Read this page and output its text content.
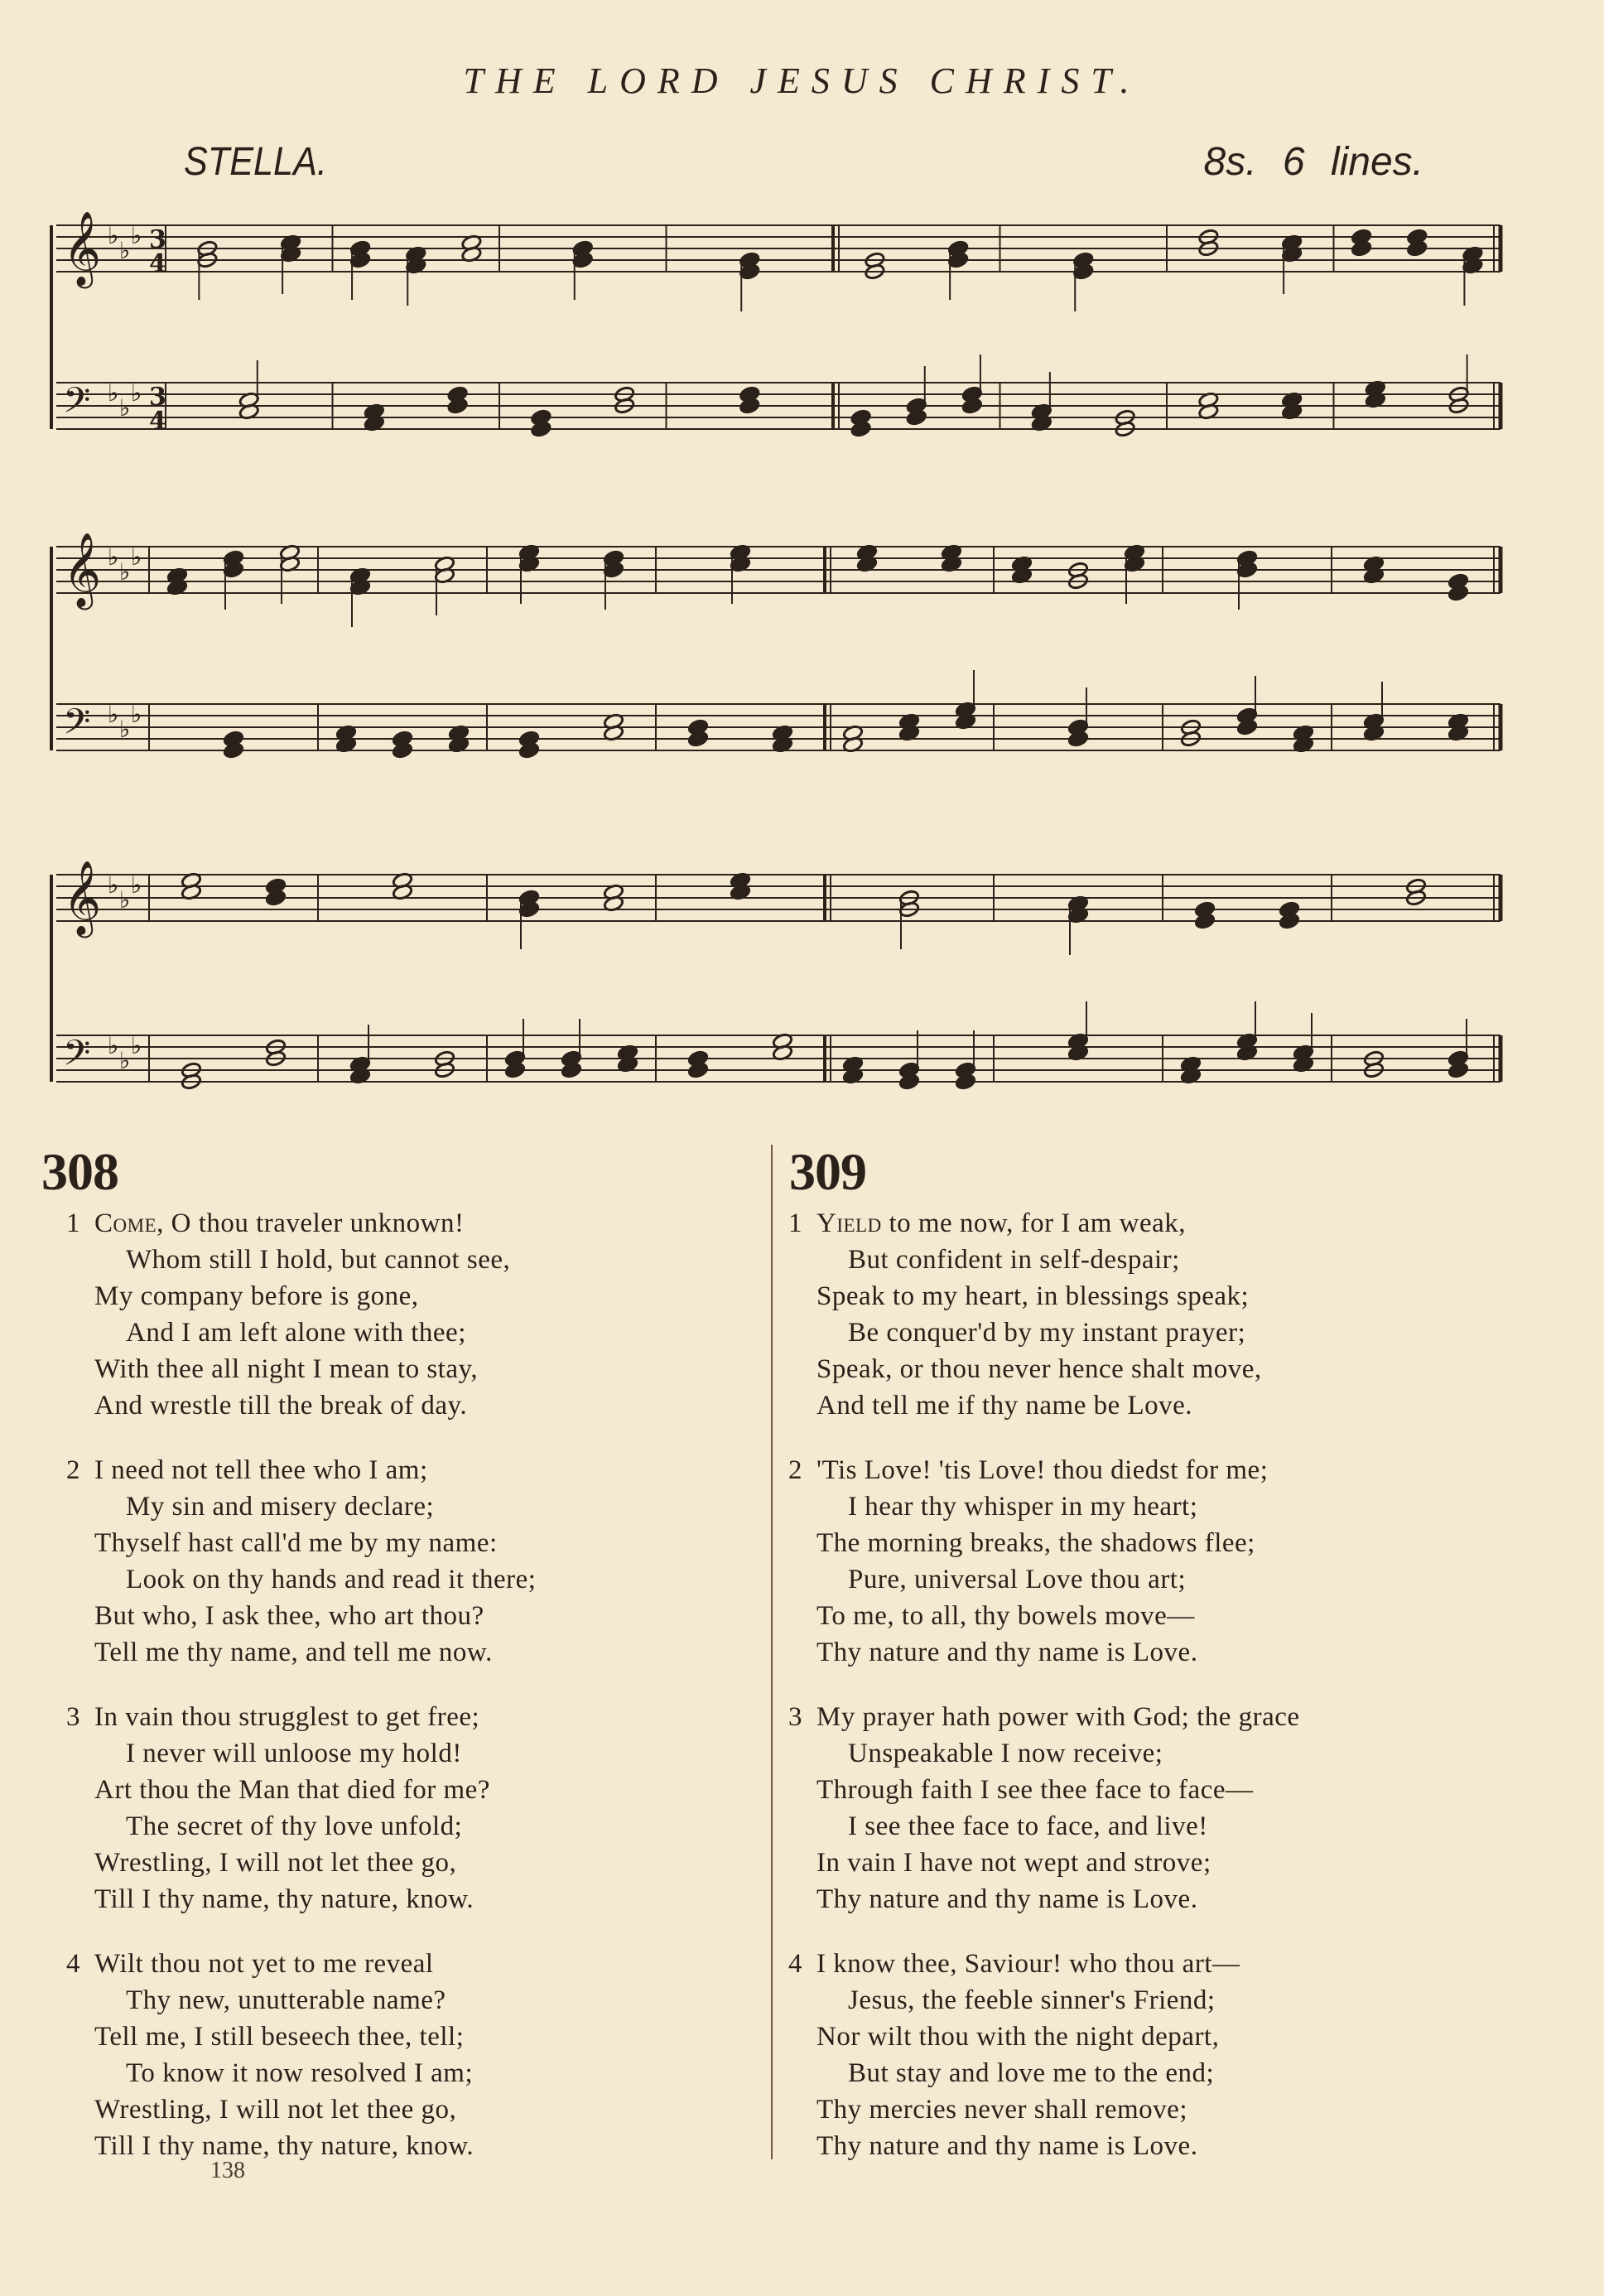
THE LORD JESUS CHRIST.
STELLA.	8s. 6 lines.
𝄞 ♭
♭
♭ 3
4
𝄢 ♭
♭
♭ 3
4
𝄞 ♭
♭
♭
𝄢 ♭
♭
♭
𝄞 ♭
♭
♭
𝄢 ♭
♭
♭
308	309
1 Come, O thou traveler unknown!
Whom still I hold, but cannot see,
My company before is gone,
And I am left alone with thee;
With thee all night I mean to stay,
And wrestle till the break of day.
2 I need not tell thee who I am;
My sin and misery declare;
Thyself hast call'd me by my name:
Look on thy hands and read it there;
But who, I ask thee, who art thou?
Tell me thy name, and tell me now.
3 In vain thou strugglest to get free;
I never will unloose my hold!
Art thou the Man that died for me?
The secret of thy love unfold;
Wrestling, I will not let thee go,
Till I thy name, thy nature, know.
4 Wilt thou not yet to me reveal
Thy new, unutterable name?
Tell me, I still beseech thee, tell;
To know it now resolved I am;
Wrestling, I will not let thee go,
Till I thy name, thy nature, know.
1 Yield to me now, for I am weak,
But confident in self-despair;
Speak to my heart, in blessings speak;
Be conquer'd by my instant prayer;
Speak, or thou never hence shalt move,
And tell me if thy name be Love.
2 'Tis Love! 'tis Love! thou diedst for me;
I hear thy whisper in my heart;
The morning breaks, the shadows flee;
Pure, universal Love thou art;
To me, to all, thy bowels move—
Thy nature and thy name is Love.
3 My prayer hath power with God; the grace
Unspeakable I now receive;
Through faith I see thee face to face—
I see thee face to face, and live!
In vain I have not wept and strove;
Thy nature and thy name is Love.
4 I know thee, Saviour! who thou art—
Jesus, the feeble sinner's Friend;
Nor wilt thou with the night depart,
But stay and love me to the end;
Thy mercies never shall remove;
Thy nature and thy name is Love.
138
